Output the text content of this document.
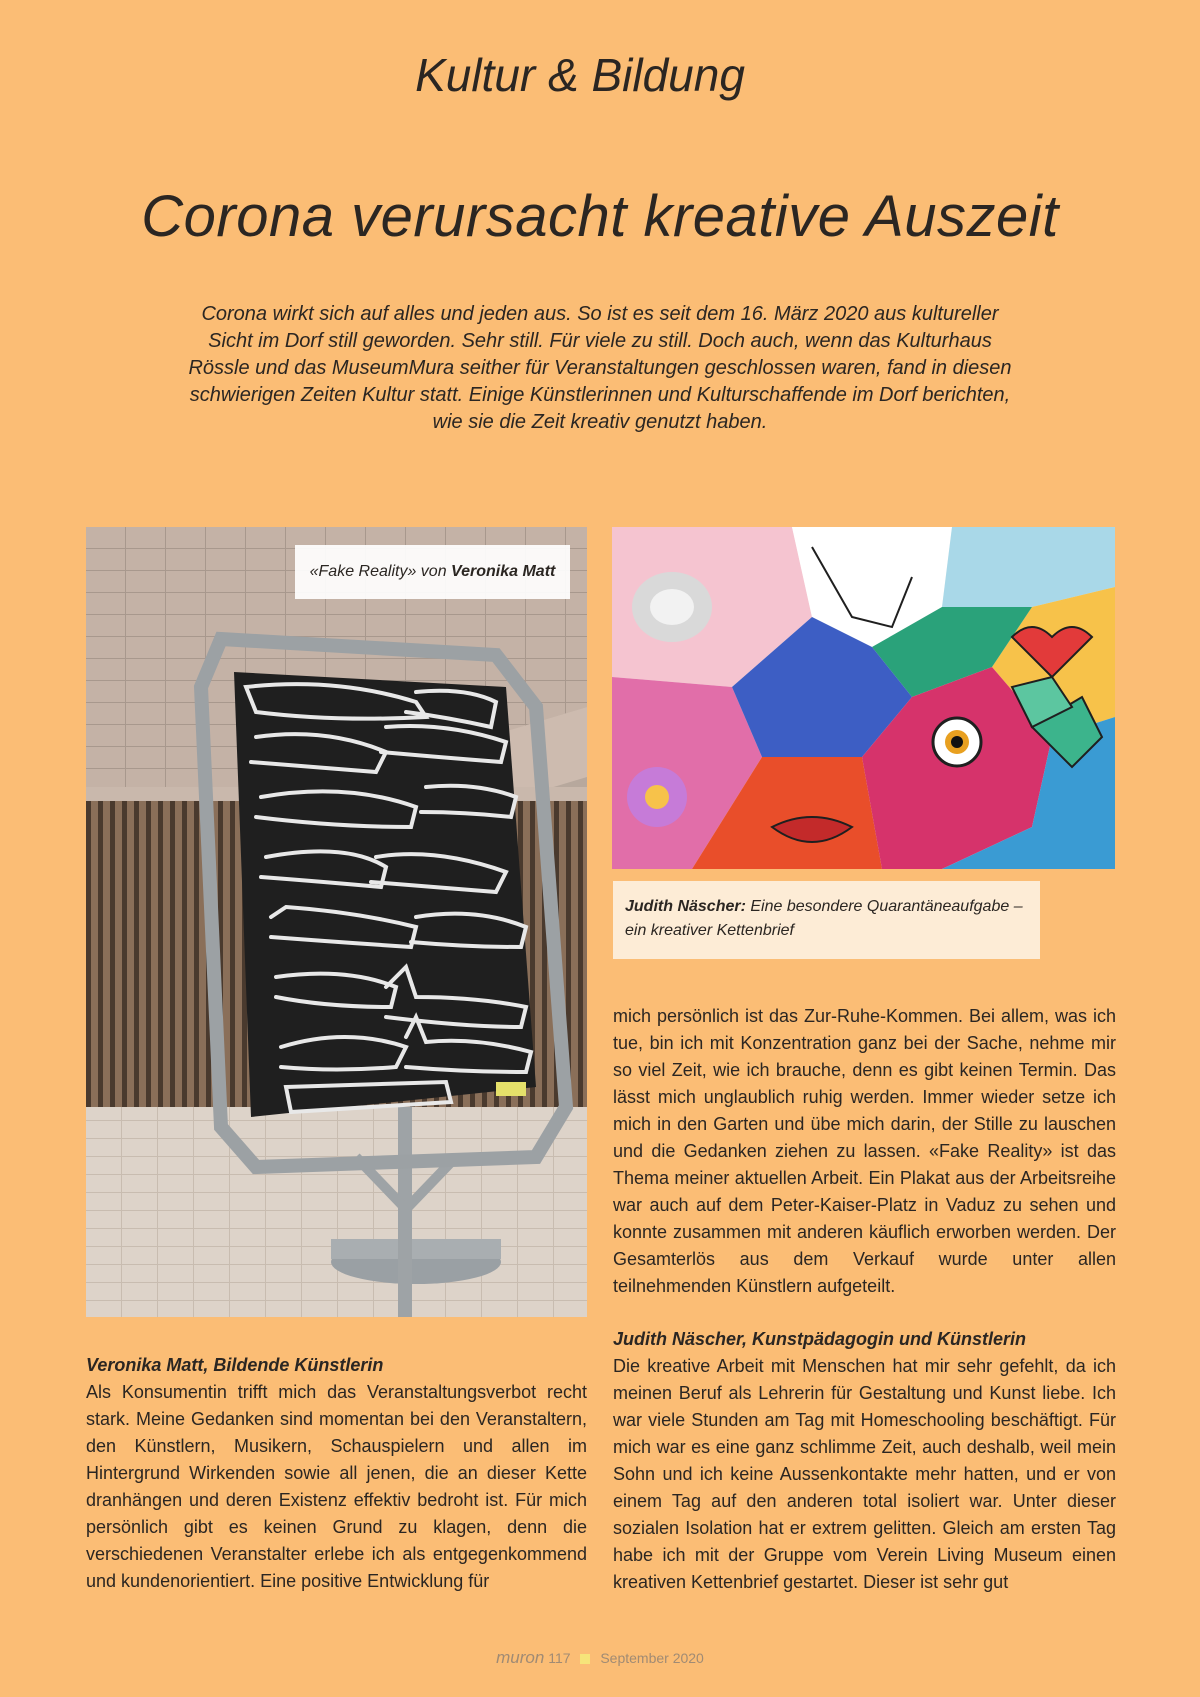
Kultur & Bildung
Corona verursacht kreative Auszeit

Corona wirkt sich auf alles und jeden aus. So ist es seit dem 16. März 2020 aus kultureller

Sicht im Dorf still geworden. Sehr still. Für viele zu still. Doch auch, wenn das Kulturhaus

Rössle und das MuseumMura seither für Veranstaltungen geschlossen waren, fand in diesen

schwierigen Zeiten Kultur statt. Einige Künstlerinnen und Kulturschaffende im Dorf berichten,

wie sie die Zeit kreativ genutzt haben.

«Fake Reality» von Veronika Matt
Judith Näscher: Eine besondere Quarantäneaufgabe – ein kreativer Kettenbrief
Veronika Matt, Bildende Künstlerin

Als Konsumentin trifft mich das Veranstaltungsverbot recht stark. Meine Gedanken sind momentan bei den Veranstaltern, den Künstlern, Musikern, Schauspielern und allen im Hintergrund Wirkenden sowie all jenen, die an dieser Kette dranhängen und deren Existenz effektiv bedroht ist. Für mich persönlich gibt es keinen Grund zu klagen, denn die verschiedenen Veranstalter erlebe ich als entgegenkommend und kundenorientiert. Eine positive Entwicklung für

mich persönlich ist das Zur-Ruhe-Kommen. Bei allem, was ich tue, bin ich mit Konzentration ganz bei der Sache, nehme mir so viel Zeit, wie ich brauche, denn es gibt keinen Termin. Das lässt mich unglaublich ruhig werden. Immer wieder setze ich mich in den Garten und übe mich darin, der Stille zu lauschen und die Gedanken ziehen zu lassen. «Fake Reality» ist das Thema meiner aktuellen Arbeit. Ein Plakat aus der Arbeitsreihe war auch auf dem Peter-Kaiser-Platz in Vaduz zu sehen und konnte zusammen mit anderen käuflich erworben werden. Der Gesamterlös aus dem Verkauf wurde unter allen teilnehmenden Künstlern aufgeteilt.

Judith Näscher, Kunstpädagogin und Künstlerin

Die kreative Arbeit mit Menschen hat mir sehr gefehlt, da ich meinen Beruf als Lehrerin für Gestaltung und Kunst liebe. Ich war viele Stunden am Tag mit Homeschooling beschäftigt. Für mich war es eine ganz schlimme Zeit, auch deshalb, weil mein Sohn und ich keine Aussenkontakte mehr hatten, und er von einem Tag auf den anderen total isoliert war. Unter dieser sozialen Isolation hat er extrem gelitten. Gleich am ersten Tag habe ich mit der Gruppe vom Verein Living Museum einen kreativen Kettenbrief gestartet. Dieser ist sehr gut

muron 117 September 2020
